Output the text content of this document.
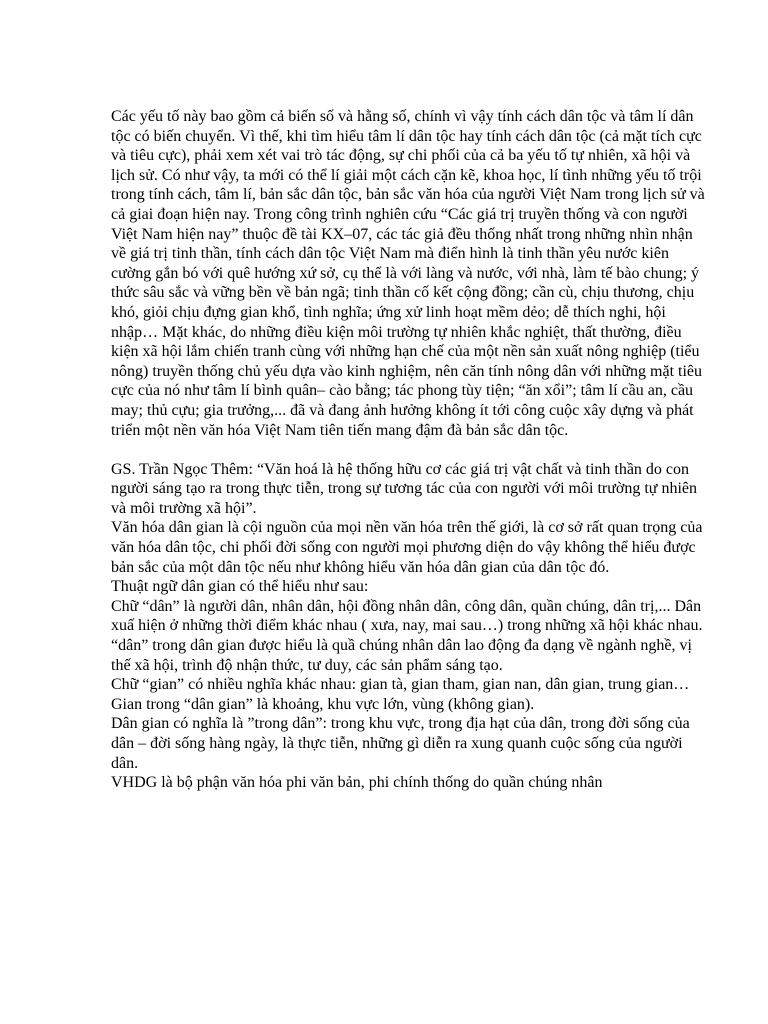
Các yếu tố này bao gồm cả biến số và hằng số, chính vì vậy tính cách dân tộc và tâm lí dân tộc có biến chuyển. Vì thế, khi tìm hiểu tâm lí dân tộc hay tính cách dân tộc (cả mặt tích cực và tiêu cực), phải xem xét vai trò tác động, sự chi phối của cả ba yếu tố tự nhiên, xã hội và lịch sử. Có như vậy, ta mới có thể lí giải một cách cặn kẽ, khoa học, lí tình những yếu tố trội trong tính cách, tâm lí, bản sắc dân tộc, bản sắc văn hóa của người Việt Nam trong lịch sử và cả giai đoạn hiện nay. Trong công trình nghiên cứu “Các giá trị truyền thống và con người Việt Nam hiện nay” thuộc đề tài KX–07, các tác giả đều thống nhất trong những nhìn nhận về giá trị tinh thần, tính cách dân tộc Việt Nam mà điển hình là tinh thần yêu nước kiên cường gắn bó với quê hướng xứ sở, cụ thể là với làng và nước, với nhà, làm tế bào chung; ý thức sâu sắc và vững bền về bản ngã; tinh thần cố kết cộng đồng; cần cù, chịu thương, chịu khó, giỏi chịu đựng gian khổ, tình nghĩa; ứng xử linh hoạt mềm dẻo; dễ thích nghi, hội nhập… Mặt khác, do những điều kiện môi trường tự nhiên khắc nghiệt, thất thường, điều kiện xã hội lắm chiến tranh cùng với những hạn chế của một nền sản xuất nông nghiệp (tiểu nông) truyền thống chủ yếu dựa vào kinh nghiệm, nên căn tính nông dân với những mặt tiêu cực của nó như tâm lí bình quân– cào bằng; tác phong tùy tiện; “ăn xổi”; tâm lí cầu an, cầu may; thủ cựu; gia trưởng,... đã và đang ảnh hưởng không ít tới công cuộc xây dựng và phát triển một nền văn hóa Việt Nam tiên tiến mang đậm đà bản sắc dân tộc.

GS. Trần Ngọc Thêm: “Văn hoá là hệ thống hữu cơ các giá trị vật chất và tinh thần do con người sáng tạo ra trong thực tiễn, trong sự tương tác của con người với môi trường tự nhiên và môi trường xã hội”.

Văn hóa dân gian là cội nguồn của mọi nền văn hóa trên thế giới, là cơ sở rất quan trọng của văn hóa dân tộc, chi phối đời sống con người mọi phương diện do vậy không thể hiểu được bản sắc của một dân tộc nếu như không hiểu văn hóa dân gian của dân tộc đó.

Thuật ngữ dân gian có thể hiểu như sau:

Chữ “dân” là người dân, nhân dân, hội đồng nhân dân, công dân, quần chúng, dân trị,... Dân xuấ hiện ở những thời điểm khác nhau ( xưa, nay, mai sau…) trong những xã hội khác nhau.

“dân” trong dân gian được hiểu là quầ chúng nhân dân lao động đa dạng về ngành nghề, vị thế xã hội, trình độ nhận thức, tư duy, các sản phẩm sáng tạo.

Chữ “gian” có nhiều nghĩa khác nhau: gian tà, gian tham, gian nan, dân gian, trung gian…

Gian trong “dân gian” là khoảng, khu vực lớn, vùng (không gian).

Dân gian có nghĩa là ”trong dân”: trong khu vực, trong địa hạt của dân, trong đời sống của dân – đời sống hàng ngày, là thực tiễn, những gì diễn ra xung quanh cuộc sống của người dân.

VHDG là bộ phận văn hóa phi văn bản, phi chính thống do quần chúng nhân
